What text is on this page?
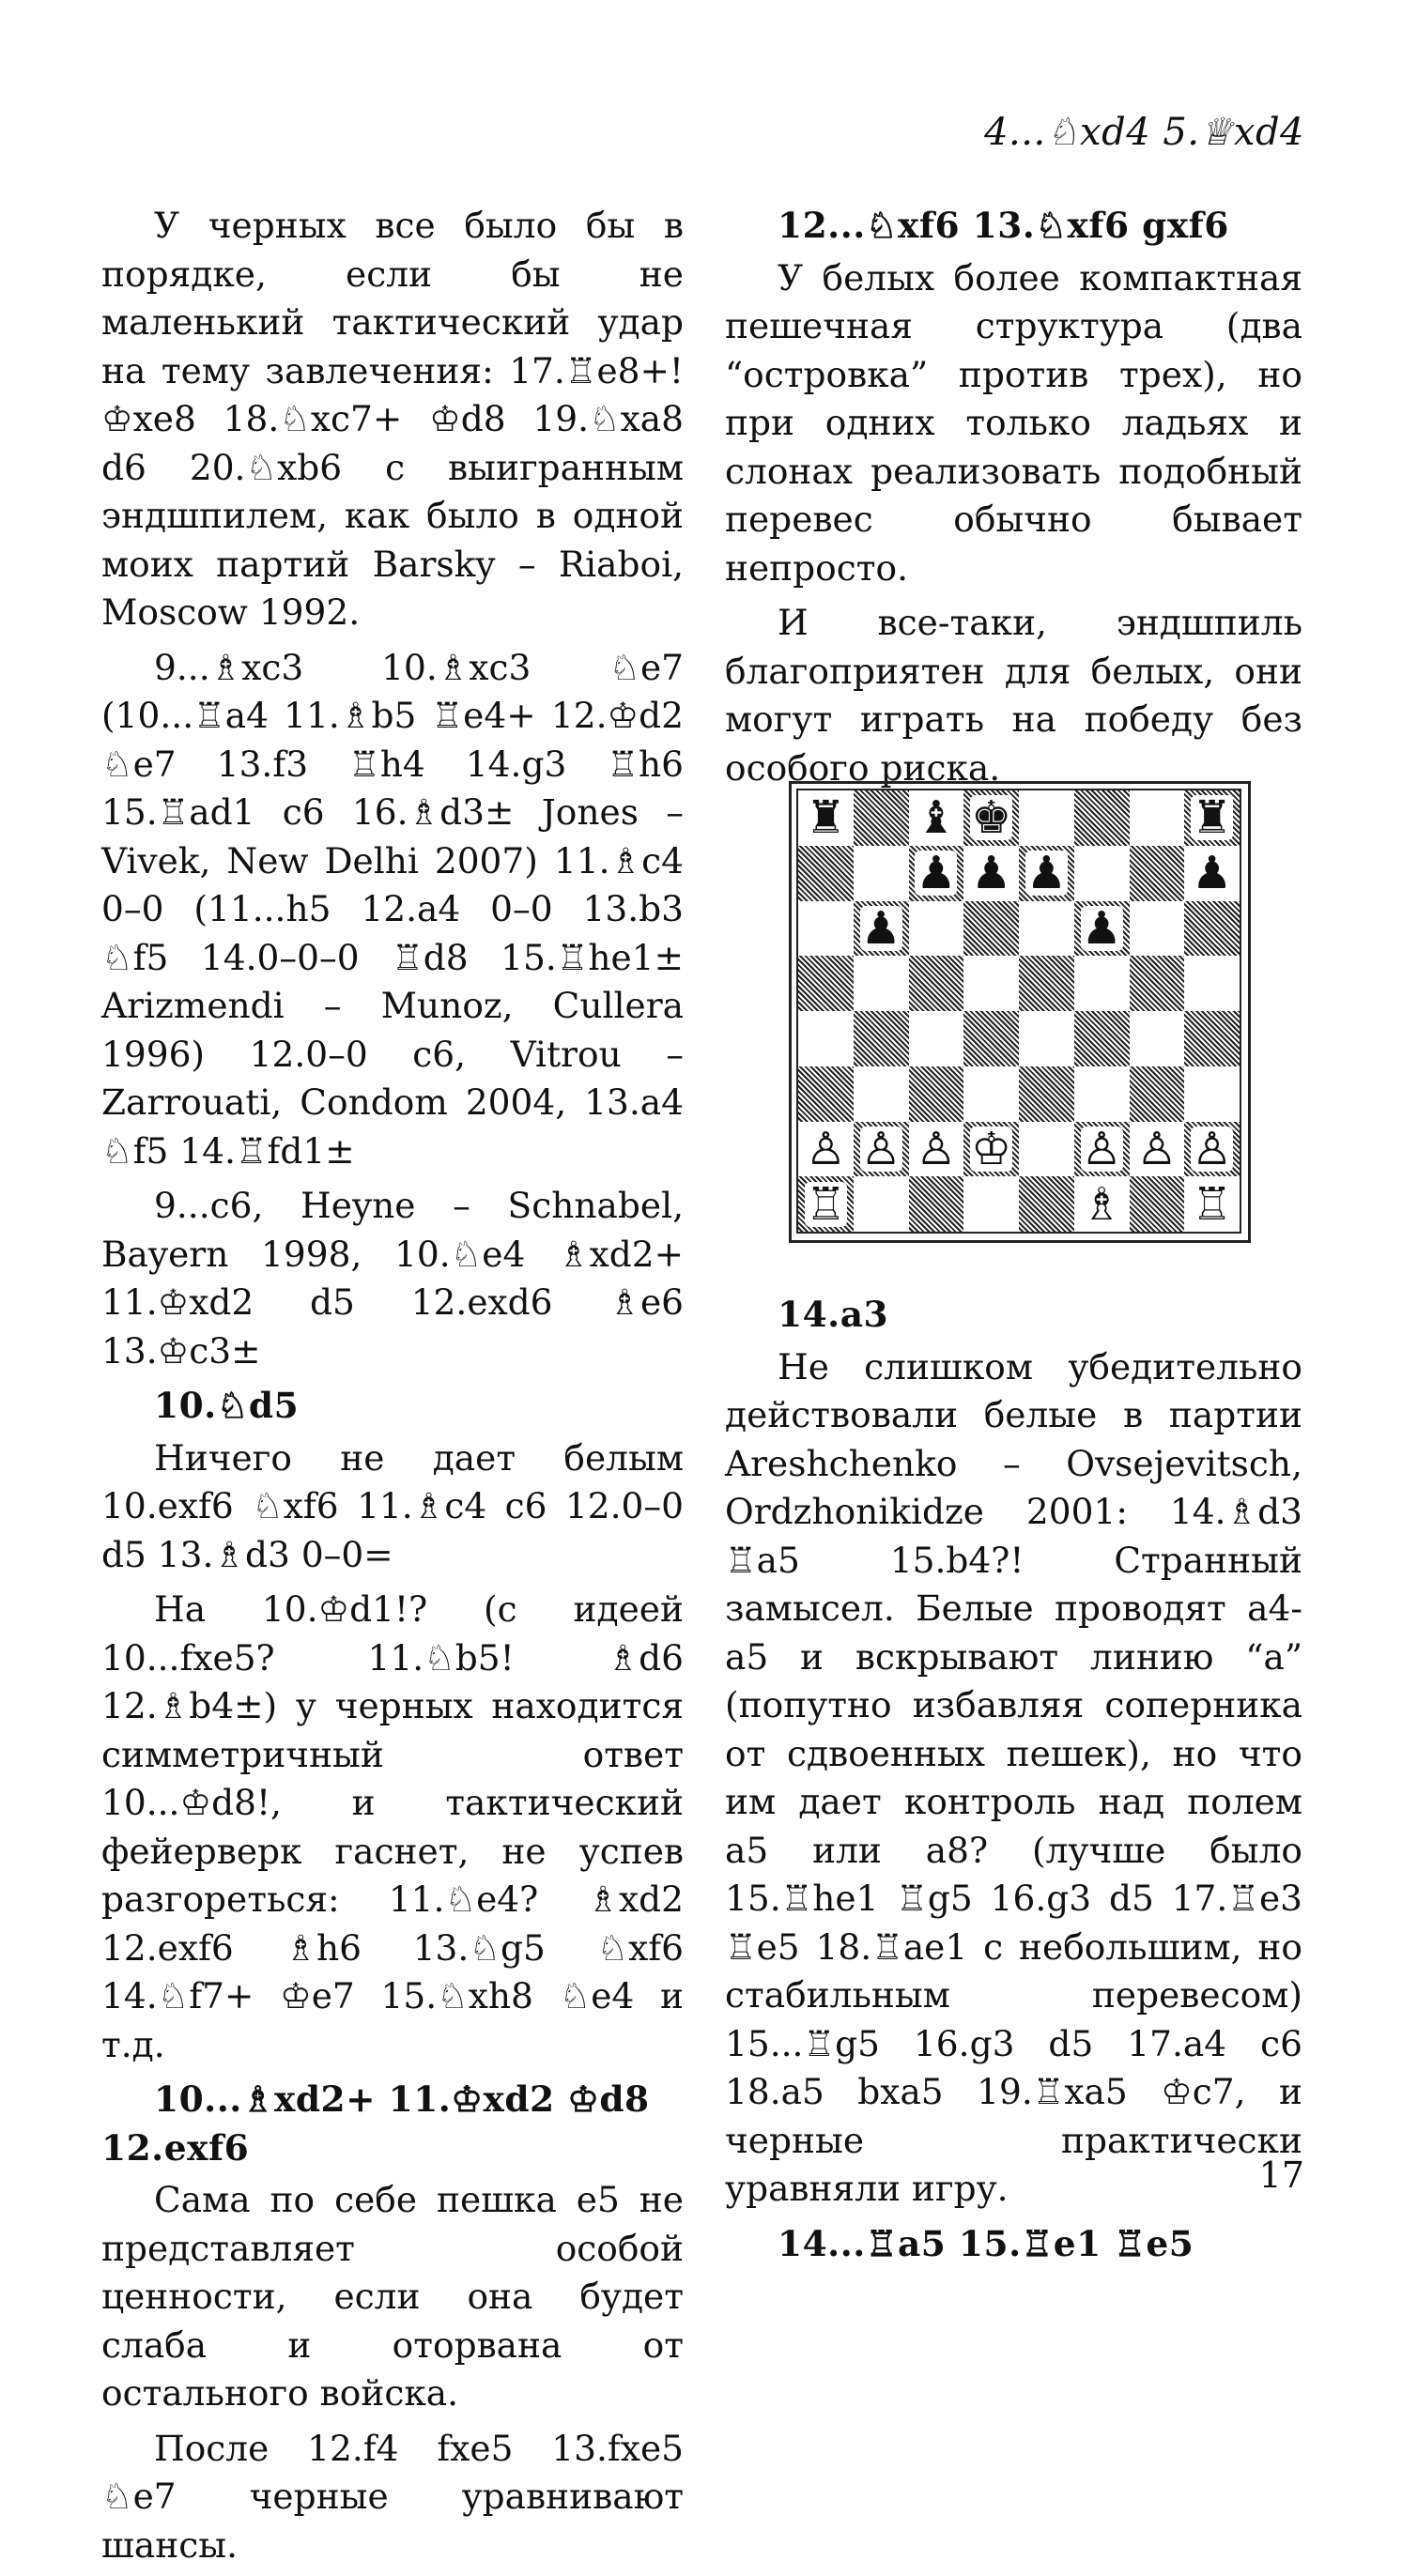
4...♘xd4 5.♕xd4
У черных все было бы в порядке, если бы не маленький тактический удар на тему завлечения: 17.♖e8+! ♔xe8 18.♘xc7+ ♔d8 19.♘xa8 d6 20.♘xb6 с выигранным эндшпилем, как было в одной моих партий Barsky – Riaboi, Moscow 1992.
9...♗xc3 10.♗xc3 ♘e7 (10...♖a4 11.♗b5 ♖e4+ 12.♔d2 ♘e7 13.f3 ♖h4 14.g3 ♖h6 15.♖ad1 c6 16.♗d3± Jones – Vivek, New Delhi 2007) 11.♗c4 0–0 (11...h5 12.a4 0–0 13.b3 ♘f5 14.0–0–0 ♖d8 15.♖he1± Arizmendi – Munoz, Cullera 1996) 12.0–0 c6, Vitrou – Zarrouati, Condom 2004, 13.a4 ♘f5 14.♖fd1±
9...c6, Heyne – Schnabel, Bayern 1998, 10.♘e4 ♗xd2+ 11.♔xd2 d5 12.exd6 ♗e6 13.♔c3±
10.♘d5
Ничего не дает белым 10.exf6 ♘xf6 11.♗c4 c6 12.0–0 d5 13.♗d3 0–0=
На 10.♔d1!? (с идеей 10...fxe5? 11.♘b5! ♗d6 12.♗b4±) у черных находится симметричный ответ 10...♔d8!, и тактический фейерверк гаснет, не успев разгореться: 11.♘e4? ♗xd2 12.exf6 ♗h6 13.♘g5 ♘xf6 14.♘f7+ ♔e7 15.♘xh8 ♘e4 и т.д.
10...♗xd2+ 11.♔xd2 ♔d8 12.exf6
Сама по себе пешка e5 не представляет особой ценности, если она будет слаба и оторвана от остального войска.
После 12.f4 fxe5 13.fxe5 ♘e7 черные уравнивают шансы.
12...♘xf6 13.♘xf6 gxf6
У белых более компактная пешечная структура (два “островка” против трех), но при одних только ладьях и слонах реализовать подобный перевес обычно бывает непросто.
И все-таки, эндшпиль благоприятен для белых, они могут играть на победу без особого риска.
♜ ♝ ♚	♜
♟ ♟ ♟	♟
♟	♟
♙ ♙ ♙ ♔ ♙ ♙ ♙
♖	♗ ♖
14.a3
Не слишком убедительно действовали белые в партии Areshchenko – Ovsejevitsch, Ordzhonikidze 2001: 14.♗d3 ♖a5 15.b4?! Странный замысел. Белые проводят a4-a5 и вскрывают линию “a” (попутно избавляя соперника от сдвоенных пешек), но что им дает контроль над полем a5 или a8? (лучше было 15.♖he1 ♖g5 16.g3 d5 17.♖e3 ♖e5 18.♖ae1 с небольшим, но стабильным перевесом) 15...♖g5 16.g3 d5 17.a4 c6 18.a5 bxa5 19.♖xa5 ♔c7, и черные практически уравняли игру.
14...♖a5 15.♖e1 ♖e5
17
